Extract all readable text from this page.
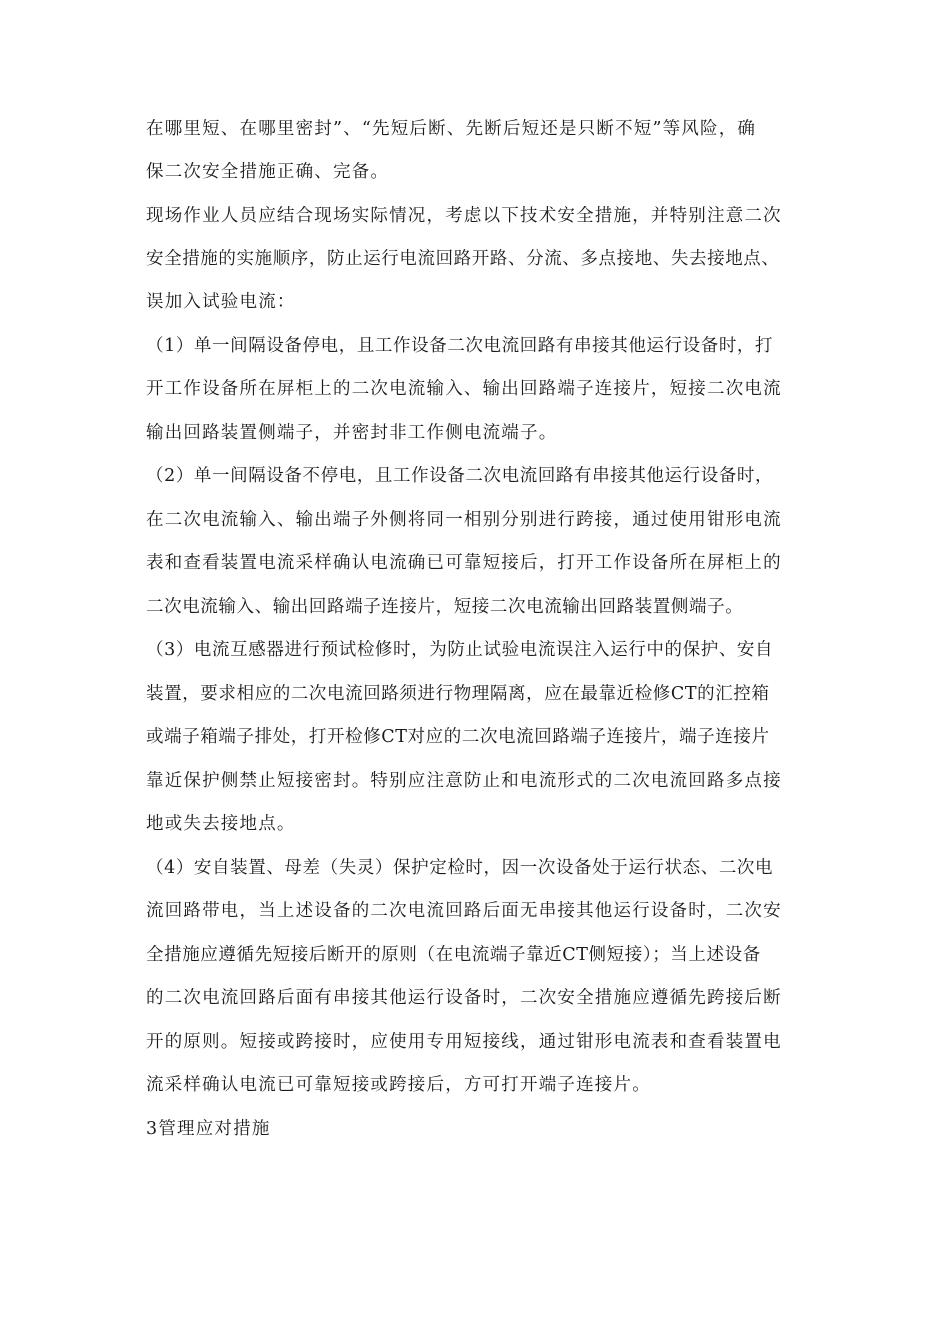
在哪里短、在哪里密封”、“先短后断、先断后短还是只断不短”等风险，确
保二次安全措施正确、完备。
现场作业人员应结合现场实际情况，考虑以下技术安全措施，并特别注意二次
安全措施的实施顺序，防止运行电流回路开路、分流、多点接地、失去接地点、
误加入试验电流：
（1）单一间隔设备停电，且工作设备二次电流回路有串接其他运行设备时，打
开工作设备所在屏柜上的二次电流输入、输出回路端子连接片，短接二次电流
输出回路装置侧端子，并密封非工作侧电流端子。
（2）单一间隔设备不停电，且工作设备二次电流回路有串接其他运行设备时，
在二次电流输入、输出端子外侧将同一相别分别进行跨接，通过使用钳形电流
表和查看装置电流采样确认电流确已可靠短接后，打开工作设备所在屏柜上的
二次电流输入、输出回路端子连接片，短接二次电流输出回路装置侧端子。
（3）电流互感器进行预试检修时，为防止试验电流误注入运行中的保护、安自
装置，要求相应的二次电流回路须进行物理隔离，应在最靠近检修CT的汇控箱
或端子箱端子排处，打开检修CT对应的二次电流回路端子连接片，端子连接片
靠近保护侧禁止短接密封。特别应注意防止和电流形式的二次电流回路多点接
地或失去接地点。
（4）安自装置、母差（失灵）保护定检时，因一次设备处于运行状态、二次电
流回路带电，当上述设备的二次电流回路后面无串接其他运行设备时，二次安
全措施应遵循先短接后断开的原则（在电流端子靠近CT侧短接）；当上述设备
的二次电流回路后面有串接其他运行设备时，二次安全措施应遵循先跨接后断
开的原则。短接或跨接时，应使用专用短接线，通过钳形电流表和查看装置电
流采样确认电流已可靠短接或跨接后，方可打开端子连接片。
3管理应对措施
